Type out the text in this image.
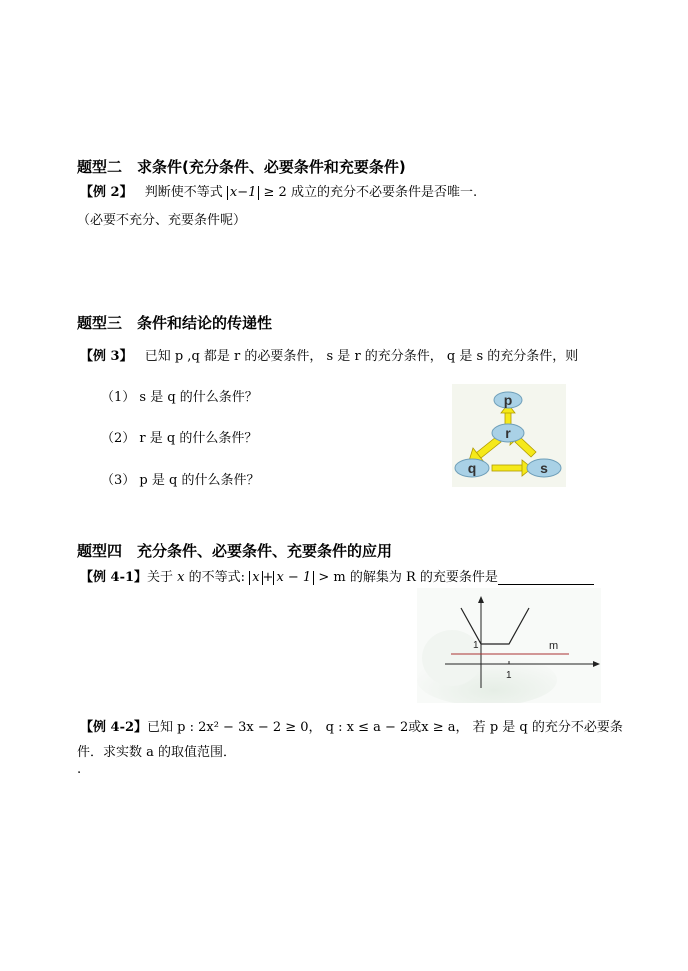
题型二　求条件(充分条件、必要条件和充要条件)
【例 2】 判断使不等式 x−1 ≥ 2 成立的充分不必要条件是否唯一.
（必要不充分、充要条件呢）
题型三　条件和结论的传递性
【例 3】 已知 p ,q 都是 r 的必要条件， s 是 r 的充分条件， q 是 s 的充分条件，则
（1） s 是 q 的什么条件？
（2） r 是 q 的什么条件？
（3） p 是 q 的什么条件？
p
r
q	s
题型四　充分条件、必要条件、充要条件的应用
【例 4-1】关于 x 的不等式: x + x − 1 > m 的解集为 R 的充要条件是
m
1
1
【例 4-2】已知 p : 2x² − 3x − 2 ≥ 0， q : x ≤ a − 2或x ≥ a， 若 p 是 q 的充分不必要条
件．求实数 a 的取值范围．
.
